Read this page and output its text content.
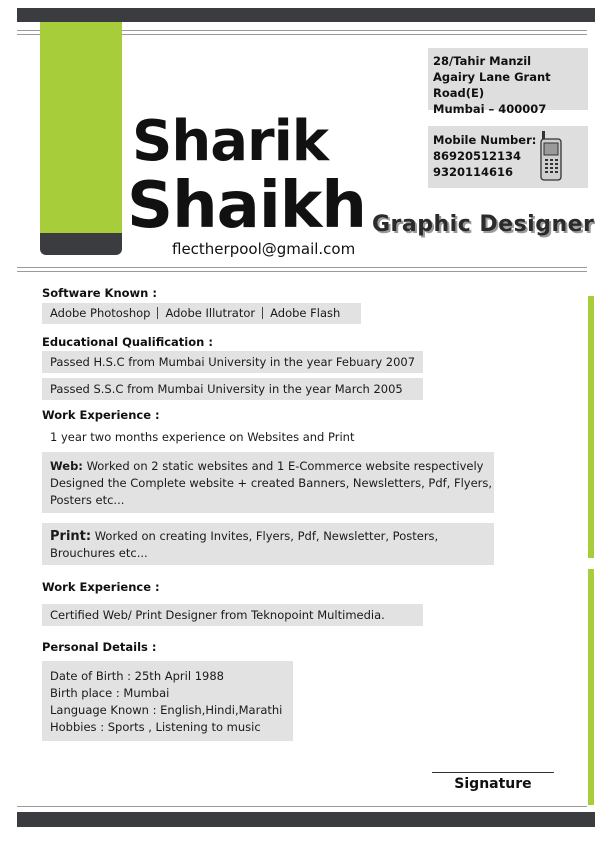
Sharik
Shaikh
flectherpool@gmail.com
Graphic Designer
28/Tahir Manzil
Agairy Lane Grant Road(E)
Mumbai – 400007
Mobile Number:
86920512134
9320114616
Software Known :
Adobe Photoshop Adobe Illutrator Adobe Flash
Educational Qualification :
Passed H.S.C from Mumbai University in the year Febuary 2007
Passed S.S.C from Mumbai University in the year March 2005
Work Experience :
1 year two months experience on Websites and Print
Web: Worked on 2 static websites and 1 E-Commerce website respectively
Designed the Complete website + created Banners, Newsletters, Pdf, Flyers,
Posters etc...
Print: Worked on creating Invites, Flyers, Pdf, Newsletter, Posters,
Brouchures etc...
Work Experience :
Certified Web/ Print Designer from Teknopoint Multimedia.
Personal Details :
Date of Birth : 25th April 1988
Birth place : Mumbai
Language Known : English,Hindi,Marathi
Hobbies : Sports , Listening to music
Signature
